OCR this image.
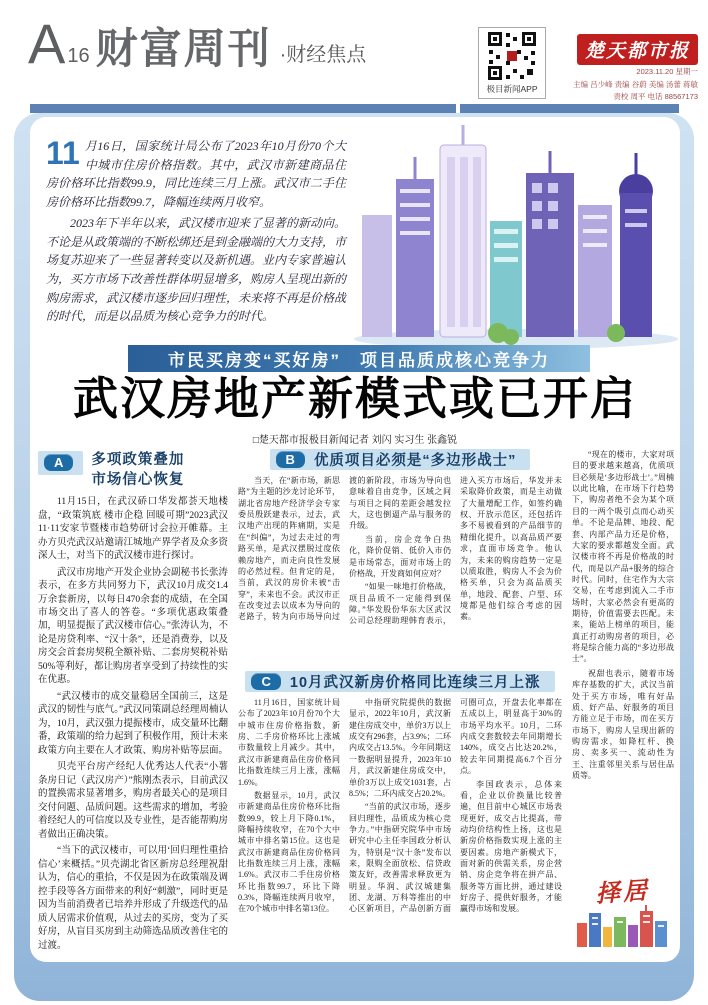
A 16 财富周刊 ·财经焦点
极目新闻APP
楚天都市报
2023.11.20 星期一
主编 吕少峰 责编 谷蔚 美编 汤蕾 蒋敏
责校 周平 电话 88567173

11 月16日，国家统计局公布了2023年10月份70个大中城市住房价格指数。其中，武汉市新建商品住房价格环比指数99.9，同比连续三月上涨。武汉市二手住房价格环比指数99.7，降幅连续两月收窄。

2023年下半年以来，武汉楼市迎来了显著的新动向。不论是从政策端的不断松绑还是到金融端的大力支持，市场复苏迎来了一些显著转变以及新机遇。业内专家普遍认为，买方市场下改善性群体明显增多，购房人呈现出新的购房需求，武汉楼市逐步回归理性，未来将不再是价格战的时代，而是以品质为核心竞争力的时代。

市民买房变“买好房”　项目品质成核心竞争力
武汉房地产新模式或已开启
□楚天都市报极目新闻记者 刘闪 实习生 张鑫锐
A	多项政策叠加
市场信心恢复

11月15日，在武汉硚口华发都荟天地楼盘，“政策筑底 楼市企稳 回暖可期”2023武汉11·11安家节暨楼市趋势研讨会拉开帷幕。主办方贝壳武汉站邀请江城地产界学者及众多资深人士，对当下的武汉楼市进行探讨。

武汉市房地产开发企业协会副秘书长张涛表示，在多方共同努力下，武汉10月成交1.4万余套新房，以每日470余套的成绩，在全国市场交出了喜人的答卷。“多项优惠政策叠加，明显提振了武汉楼市信心。”张涛认为，不论是房贷利率、“汉十条”，还是消费券，以及房交会首套房契税全额补贴、二套房契税补贴50%等利好，都让购房者享受到了持续性的实在优惠。

“武汉楼市的成交量稳居全国前三，这是武汉的韧性与底气。”武汉同策副总经理周楠认为，10月，武汉强力提振楼市，成交量环比翻番，政策端的给力起到了积极作用，预计未来政策方向主要在人才政策、购房补贴等层面。

贝壳平台房产经纪人优秀达人代表“小薯条房日记（武汉房产）”熊刚杰表示，目前武汉的置换需求显著增多，购房者最关心的是项目交付问题、品质问题。这些需求的增加，考验着经纪人的可信度以及专业性，是否能帮购房者做出正确决策。

“当下的武汉楼市，可以用‘回归理性重拾信心’来概括。”贝壳湖北省区新房总经理祝甜认为，信心的重拾，不仅是因为在政策端及调控手段等各方面带来的利好“刺激”，同时更是因为当前消费者已培养并形成了升级迭代的品质人居需求价值观，从过去的买房，变为了买好房，从盲目买房到主动筛选品质改善住宅的过渡。

B	优质项目必须是“多边形战士”

当天，在“新市场，新思路”为主题的沙龙讨论环节，湖北省房地产经济学会专家委员殷跃建表示，过去，武汉地产出现的阵痛期，实是在“纠偏”，为过去走过的弯路买单，是武汉摆脱过度依赖房地产，而走向良性发展的必然过程。但肯定的是，当前，武汉的房价未被“击穿”，未来也不会。武汉市正在改变过去以成本为导向的老路子，转为向市场导向过渡的新阶段，市场为导向也意味着自由竞争，区域之间与项目之间的差距会越发拉大，这也倒逼产品与服务的升级。

当前，房企竞争白热化，降价促销、低价入市仍是市场常态，面对市场上的价格战，开发商如何应对？

“如果一味地打价格战，项目品质不一定能得到保障。”华发股份华东大区武汉公司总经理助理韩育表示，进入买方市场后，华发并未采取降价政策，而是主动做了大量增配工作，如签约确权、开放示范区，还包括许多不易被看到的产品细节的精细化提升，以高品质严要求，直面市场竞争。他认为，未来的购房趋势一定是以质取胜，购房人不会为价格买单，只会为高品质买单，地段、配套、户型、环境都是他们综合考虑的因素。

C	10月武汉新房价格同比连续三月上涨

11月16日，国家统计局公布了2023年10月份70个大中城市住房价格指数，新房、二手房价格环比上涨城市数量较上月减少。其中，武汉市新建商品住房价格同比指数连续三月上涨，涨幅1.6%。

数据显示，10月，武汉市新建商品住房价格环比指数99.9，较上月下降0.1%，降幅持续收窄，在70个大中城市中排名第15位。这也是武汉市新建商品住房价格同比指数连续三月上涨，涨幅1.6%。武汉市二手住房价格环比指数99.7，环比下降0.3%，降幅连续两月收窄，在70个城市中排名第13位。

中指研究院提供的数据显示，2022年10月，武汉新建住房成交中，单价3万以上成交有296套，占3.9%；二环内成交占13.5%。今年同期这一数据明显提升，2023年10月，武汉新建住房成交中，单价3万以上成交1031套，占8.5%；二环内成交占20.2%。

“当前的武汉市场，逐步回归理性，品质成为核心竞争力。”中指研究院华中市场研究中心主任李国政分析认为，特别是“汉十条”发布以来，限购全面放松、信贷政策友好，改善需求释放更为明显。华润、武汉城建集团、龙湖、万科等推出的中心区新项目，产品创新方面可圈可点，开盘去化率都在五成以上，明显高于30%的市场平均水平。10月，二环内成交套数较去年同期增长140%，成交占比达20.2%，较去年同期提高6.7个百分点。

李国政表示，总体来看，企业以价换量比较普遍，但目前中心城区市场表现更好，成交占比提高，带动均价结构性上扬，这也是新房价格指数实现上涨的主要因素。房地产新模式下，面对新的供需关系，房企营销、房企竞争将在拼产品、服务等方面比拼，通过建设好房子、提供好服务，才能赢得市场和发展。

“现在的楼市，大家对项目的要求越来越高，优质项目必须是‘多边形战士’。”周楠以此比喻，在市场下行趋势下，购房者绝不会为某个项目的一两个吸引点而心动买单。不论是品牌、地段、配套、内部产品力还是价格，大家的要求都越发全面。武汉楼市将不再是价格战的时代，而是以产品+服务的综合时代。同时，住宅作为大宗交易，在考虑到流入二手市场时，大家必然会有更高的期待，价值需要去匹配。未来，能站上榜单的项目，能真正打动购房者的项目，必将是综合能力高的“多边形战士”。

祝甜也表示，随着市场库存基数的扩大，武汉当前处于买方市场，唯有好品质、好产品、好服务的项目方能立足于市场，而在买方市场下，购房人呈现出新的购房需求，如降杠杆、换房、卖多买一、流动性为王、注重邻里关系与居住品质等。

择居
